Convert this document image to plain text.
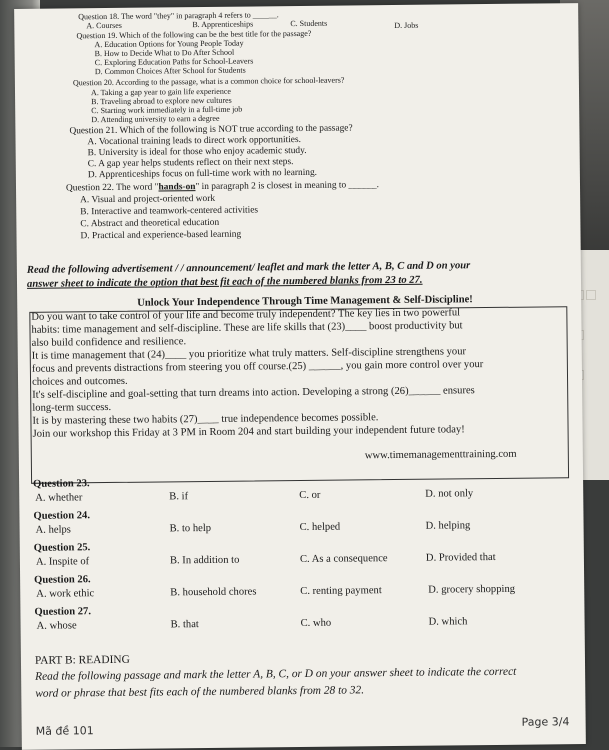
Question 18. The word "they" in paragraph 4 refers to ______.
A. Courses	B. Apprenticeships	C. Students	D. Jobs
Question 19. Which of the following can be the best title for the passage?
A. Education Options for Young People Today
B. How to Decide What to Do After School
C. Exploring Education Paths for School-Leavers
D. Common Choices After School for Students
Question 20. According to the passage, what is a common choice for school-leavers?
A. Taking a gap year to gain life experience
B. Traveling abroad to explore new cultures
C. Starting work immediately in a full-time job
D. Attending university to earn a degree
Question 21. Which of the following is NOT true according to the passage?
A. Vocational training leads to direct work opportunities.
B. University is ideal for those who enjoy academic study.
C. A gap year helps students reflect on their next steps.
D. Apprenticeships focus on full-time work with no learning.
Question 22. The word "hands-on" in paragraph 2 is closest in meaning to ______.
A. Visual and project-oriented work
B. Interactive and teamwork-centered activities
C. Abstract and theoretical education
D. Practical and experience-based learning
Read the following advertisement / / announcement/ leaflet and mark the letter A, B, C and D on your
answer sheet to indicate the option that best fit each of the numbered blanks from 23 to 27.
Unlock Your Independence Through Time Management & Self-Discipline!
Do you want to take control of your life and become truly independent? The key lies in two powerful
habits: time management and self-discipline. These are life skills that (23)____ boost productivity but
also build confidence and resilience.
It is time management that (24)____ you prioritize what truly matters. Self-discipline strengthens your
focus and prevents distractions from steering you off course.(25) ______, you gain more control over your
choices and outcomes.
It's self-discipline and goal-setting that turn dreams into action. Developing a strong (26)______ ensures
long-term success.
It is by mastering these two habits (27)____ true independence becomes possible.
Join our workshop this Friday at 3 PM in Room 204 and start building your independent future today!
www.timemanagementtraining.com
Question 23.
A. whether	B. if	C. or	D. not only
Question 24.
A. helps	B. to help	C. helped	D. helping
Question 25.
A. Inspite of	B. In addition to	C. As a consequence	D. Provided that
Question 26.
A. work ethic	B. household chores	C. renting payment	D. grocery shopping
Question 27.
A. whose	B. that	C. who	D. which
PART B: READING
Read the following passage and mark the letter A, B, C, or D on your answer sheet to indicate the correct
word or phrase that best fits each of the numbered blanks from 28 to 32.
Mã đề 101
Page 3/4
